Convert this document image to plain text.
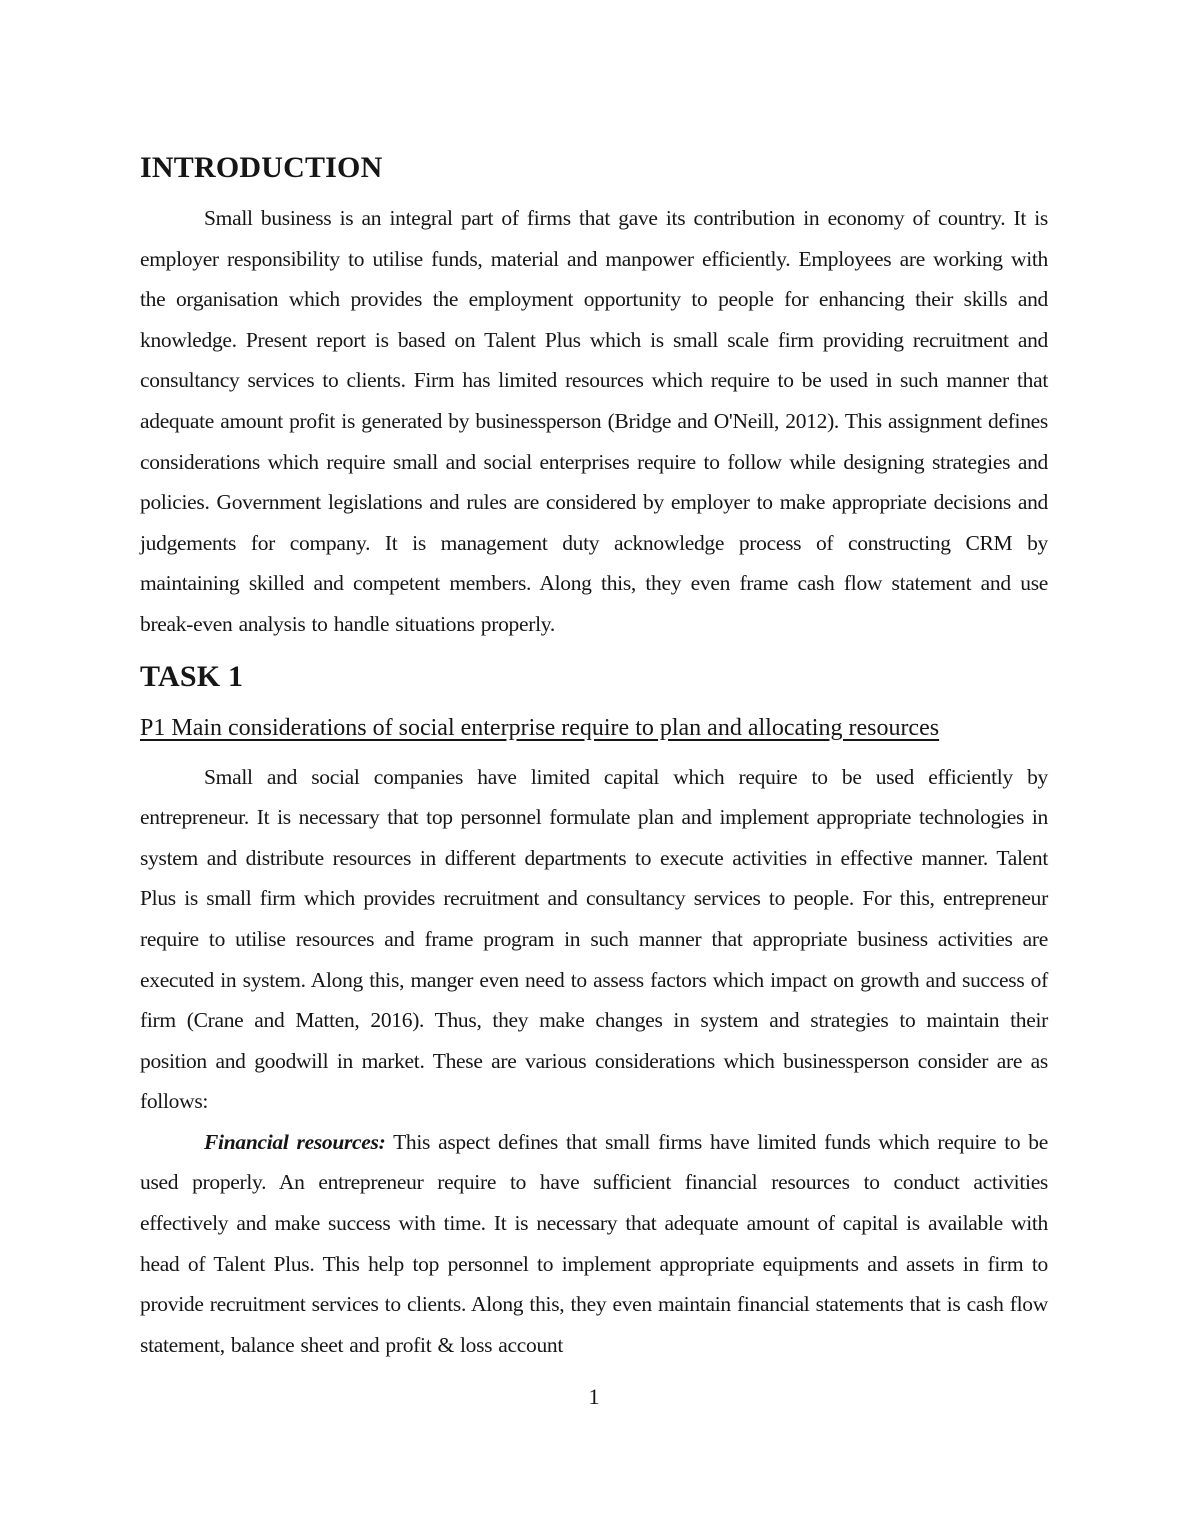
INTRODUCTION

Small business is an integral part of firms that gave its contribution in economy of country. It is employer responsibility to utilise funds, material and manpower efficiently. Employees are working with the organisation which provides the employment opportunity to people for enhancing their skills and knowledge. Present report is based on Talent Plus which is small scale firm providing recruitment and consultancy services to clients. Firm has limited resources which require to be used in such manner that adequate amount profit is generated by businessperson (Bridge and O'Neill, 2012). This assignment defines considerations which require small and social enterprises require to follow while designing strategies and policies. Government legislations and rules are considered by employer to make appropriate decisions and judgements for company. It is management duty acknowledge process of constructing CRM by maintaining skilled and competent members. Along this, they even frame cash flow statement and use break-even analysis to handle situations properly.

TASK 1
P1 Main considerations of social enterprise require to plan and allocating resources

Small and social companies have limited capital which require to be used efficiently by entrepreneur. It is necessary that top personnel formulate plan and implement appropriate technologies in system and distribute resources in different departments to execute activities in effective manner. Talent Plus is small firm which provides recruitment and consultancy services to people. For this, entrepreneur require to utilise resources and frame program in such manner that appropriate business activities are executed in system. Along this, manger even need to assess factors which impact on growth and success of firm (Crane and Matten, 2016). Thus, they make changes in system and strategies to maintain their position and goodwill in market. These are various considerations which businessperson consider are as follows:

Financial resources: This aspect defines that small firms have limited funds which require to be used properly. An entrepreneur require to have sufficient financial resources to conduct activities effectively and make success with time. It is necessary that adequate amount of capital is available with head of Talent Plus. This help top personnel to implement appropriate equipments and assets in firm to provide recruitment services to clients. Along this, they even maintain financial statements that is cash flow statement, balance sheet and profit & loss account

1
